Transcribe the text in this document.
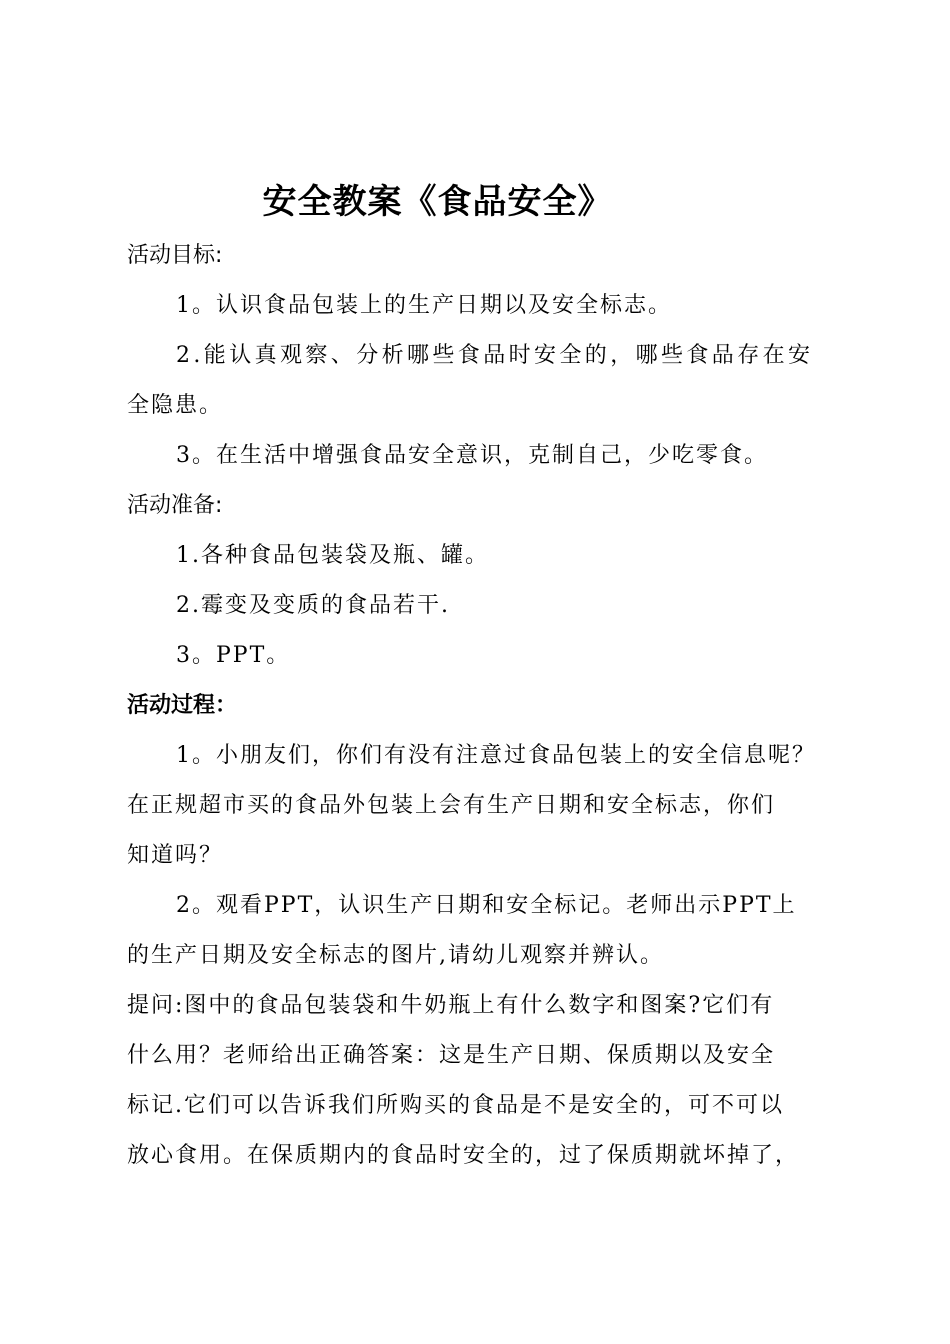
安全教案《食品安全》
活动目标:
1。认识食品包装上的生产日期以及安全标志。
2.能认真观察、分析哪些食品时安全的，哪些食品存在安
全隐患。
3。在生活中增强食品安全意识，克制自己，少吃零食。
活动准备:
1.各种食品包装袋及瓶、罐。
2.霉变及变质的食品若干.
3。PPT。
活动过程：
1。小朋友们，你们有没有注意过食品包装上的安全信息呢？
在正规超市买的食品外包装上会有生产日期和安全标志，你们
知道吗？
2。观看PPT，认识生产日期和安全标记。老师出示PPT上
的生产日期及安全标志的图片,请幼儿观察并辨认。
提问:图中的食品包装袋和牛奶瓶上有什么数字和图案?它们有
什么用？老师给出正确答案：这是生产日期、保质期以及安全
标记.它们可以告诉我们所购买的食品是不是安全的，可不可以
放心食用。在保质期内的食品时安全的，过了保质期就坏掉了，
